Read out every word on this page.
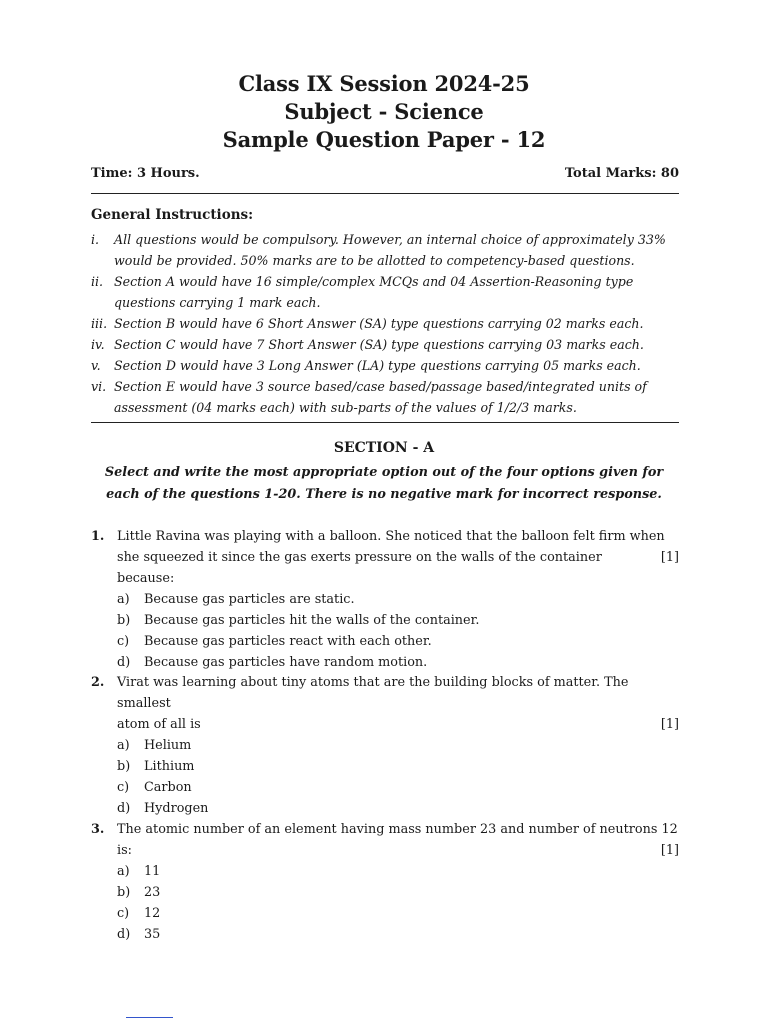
Class IX Session 2024-25
Subject - Science
Sample Question Paper - 12
Time: 3 Hours.	Total Marks: 80
General Instructions:
i.	All questions would be compulsory. However, an internal choice of approximately 33% would be provided. 50% marks are to be allotted to competency-based questions.
ii. Section A would have 16 simple/complex MCQs and 04 Assertion-Reasoning type questions carrying 1 mark each.
iii. Section B would have 6 Short Answer (SA) type questions carrying 02 marks each.
iv. Section C would have 7 Short Answer (SA) type questions carrying 03 marks each.
v.	Section D would have 3 Long Answer (LA) type questions carrying 05 marks each.
vi. Section E would have 3 source based/case based/passage based/integrated units of assessment (04 marks each) with sub-parts of the values of 1/2/3 marks.
SECTION - A
Select and write the most appropriate option out of the four options given for each of the questions 1-20. There is no negative mark for incorrect response.
1. Little Ravina was playing with a balloon. She noticed that the balloon felt firm when
she squeezed it since the gas exerts pressure on the walls of the container because:
[1]
a)	Because gas particles are static.
b)	Because gas particles hit the walls of the container.
c)	Because gas particles react with each other.
d)	Because gas particles have random motion.
2. Virat was learning about tiny atoms that are the building blocks of matter. The smallest
atom of all is	[1]
a)	Helium
b)	Lithium
c)	Carbon
d)	Hydrogen
3. The atomic number of an element having mass number 23 and number of neutrons 12
is:	[1]
a)	11
b)	23
c)	12
d)	35
